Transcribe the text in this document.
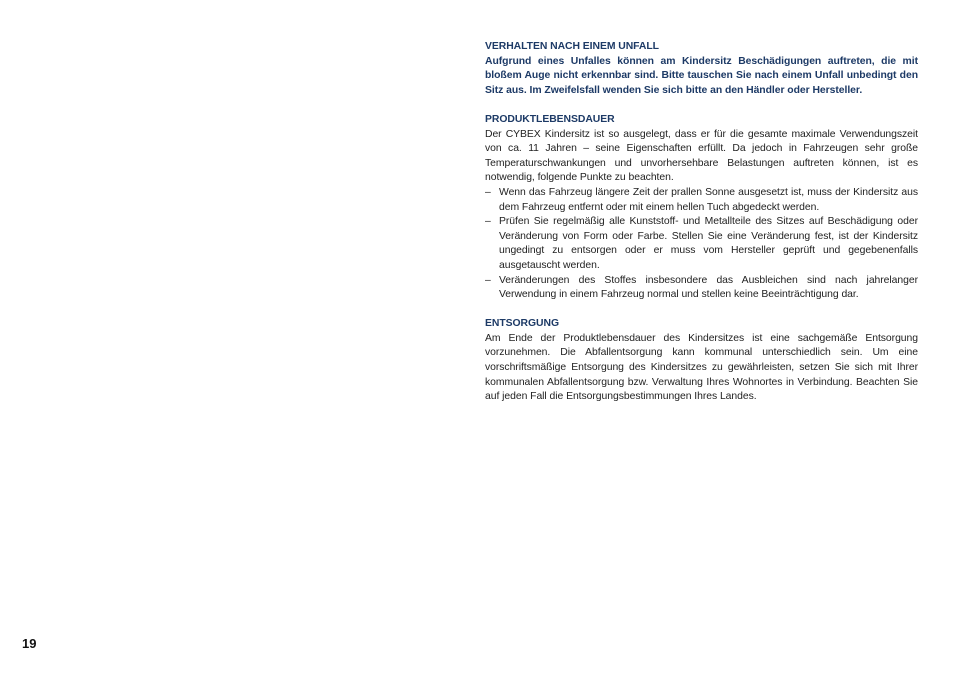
VERHALTEN NACH EINEM UNFALL

Aufgrund eines Unfalles können am Kindersitz Beschädigungen auftreten, die mit bloßem Auge nicht erkennbar sind. Bitte tauschen Sie nach einem Unfall unbedingt den Sitz aus. Im Zweifelsfall wenden Sie sich bitte an den Händler oder Hersteller.

PRODUKTLEBENSDAUER

Der CYBEX Kindersitz ist so ausgelegt, dass er für die gesamte maximale Verwendungszeit von ca. 11 Jahren – seine Eigenschaften erfüllt. Da jedoch in Fahrzeugen sehr große Temperaturschwankungen und unvorhersehbare Belastungen auftreten können, ist es notwendig, folgende Punkte zu beachten.

– Wenn das Fahrzeug längere Zeit der prallen Sonne ausgesetzt ist, muss der Kindersitz aus dem Fahrzeug entfernt oder mit einem hellen Tuch abgedeckt werden.
– Prüfen Sie regelmäßig alle Kunststoff- und Metallteile des Sitzes auf Beschädigung oder Veränderung von Form oder Farbe. Stellen Sie eine Veränderung fest, ist der Kindersitz ungedingt zu entsorgen oder er muss vom Hersteller geprüft und gegebenenfalls ausgetauscht werden.
– Veränderungen des Stoffes insbesondere das Ausbleichen sind nach jahrelanger Verwendung in einem Fahrzeug normal und stellen keine Beeinträchtigung dar.

ENTSORGUNG

Am Ende der Produktlebensdauer des Kindersitzes ist eine sachgemäße Entsorgung vorzunehmen. Die Abfallentsorgung kann kommunal unterschiedlich sein. Um eine vorschriftsmäßige Entsorgung des Kindersitzes zu gewährleisten, setzen Sie sich mit Ihrer kommunalen Abfallentsorgung bzw. Verwaltung Ihres Wohnortes in Verbindung. Beachten Sie auf jeden Fall die Entsorgungsbestimmungen Ihres Landes.

19
